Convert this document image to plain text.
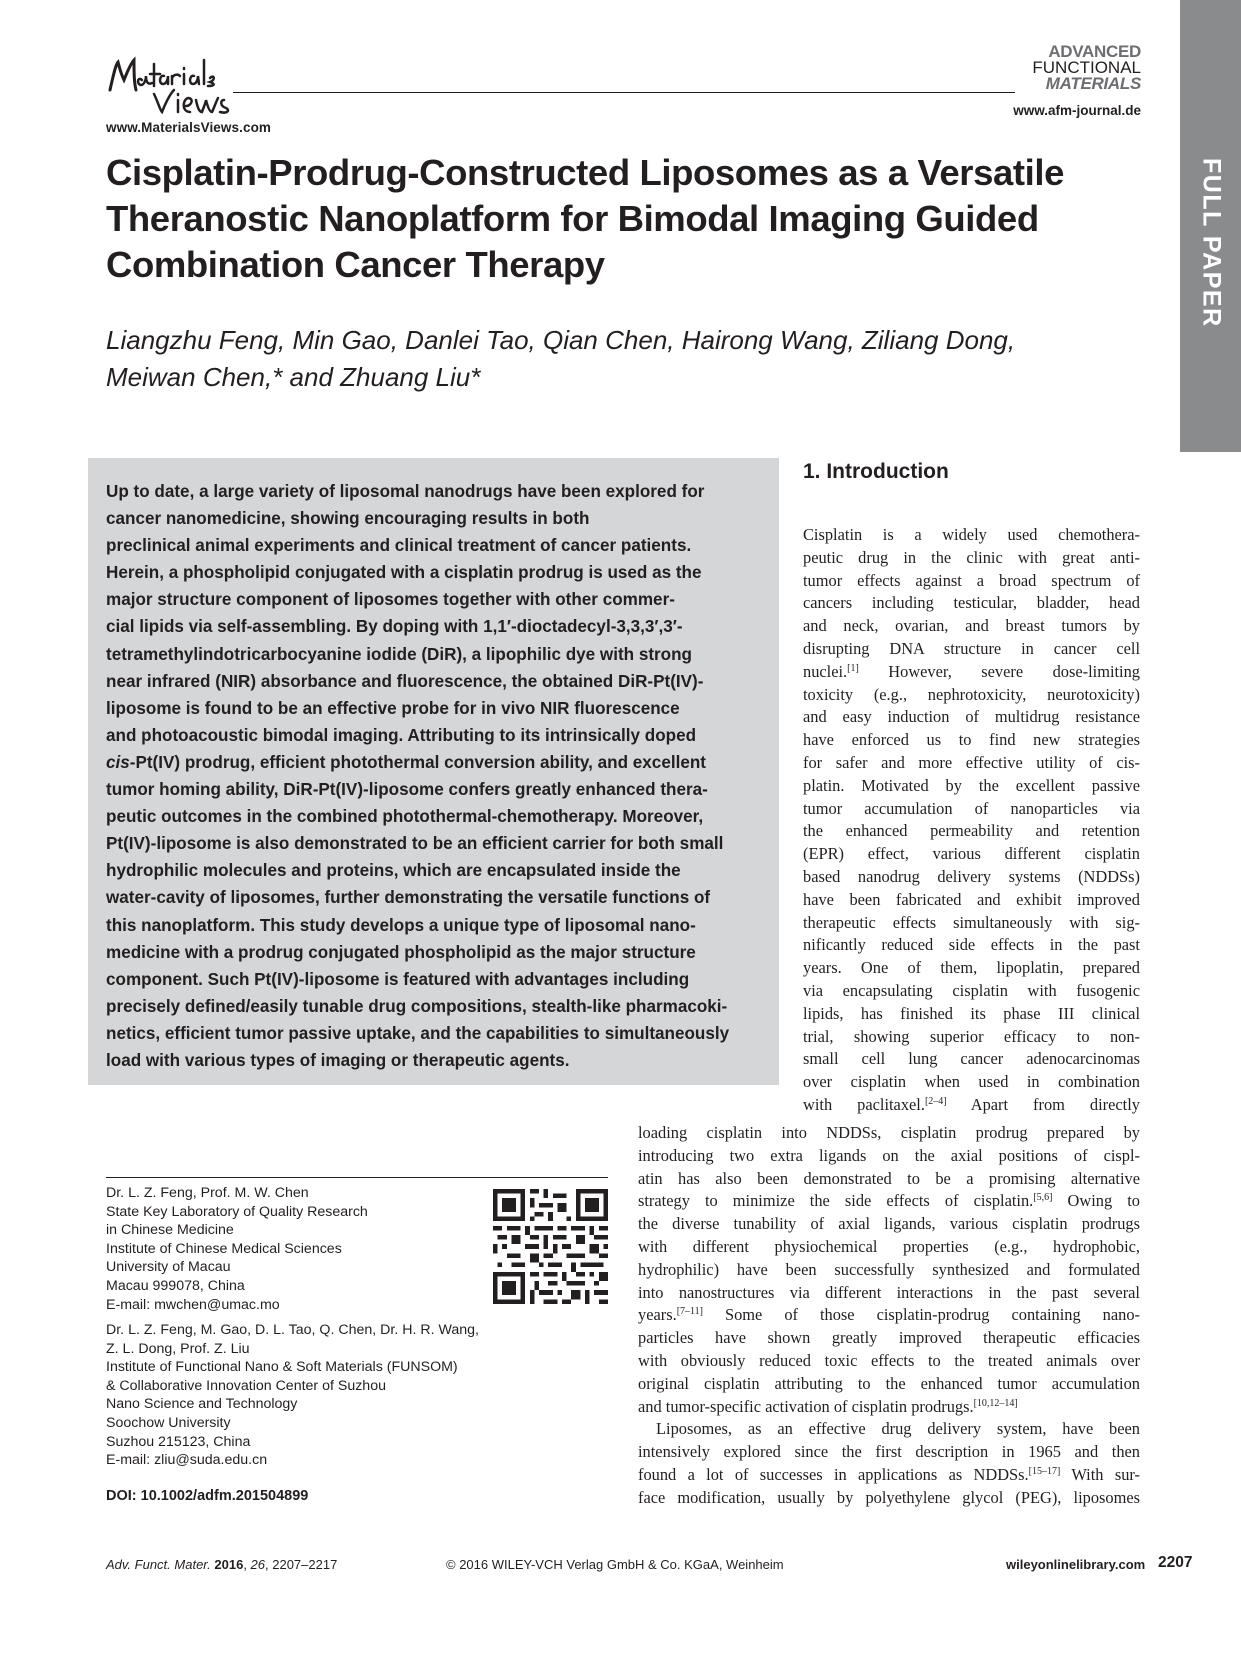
www.MaterialsViews.com
ADVANCED
FUNCTIONAL
MATERIALS
www.afm-journal.de
FULL PAPER
Cisplatin-Prodrug-Constructed Liposomes as a Versatile Theranostic Nanoplatform for Bimodal Imaging Guided Combination Cancer Therapy
Liangzhu Feng, Min Gao, Danlei Tao, Qian Chen, Hairong Wang, Ziliang Dong,
Meiwan Chen,* and Zhuang Liu*
Up to date, a large variety of liposomal nanodrugs have been explored for
cancer nanomedicine, showing encouraging results in both
preclinical animal experiments and clinical treatment of cancer patients.
Herein, a phospholipid conjugated with a cisplatin prodrug is used as the
major structure component of liposomes together with other commer-
cial lipids via self-assembling. By doping with 1,1′-dioctadecyl-3,3,3′,3′-
tetramethylindotricarbocyanine iodide (DiR), a lipophilic dye with strong
near infrared (NIR) absorbance and fluorescence, the obtained DiR-Pt(IV)-
liposome is found to be an effective probe for in vivo NIR fluorescence
and photoacoustic bimodal imaging. Attributing to its intrinsically doped
cis-Pt(IV) prodrug, efficient photothermal conversion ability, and excellent
tumor homing ability, DiR-Pt(IV)-liposome confers greatly enhanced thera-
peutic outcomes in the combined photothermal-chemotherapy. Moreover,
Pt(IV)-liposome is also demonstrated to be an efficient carrier for both small
hydrophilic molecules and proteins, which are encapsulated inside the
water-cavity of liposomes, further demonstrating the versatile functions of
this nanoplatform. This study develops a unique type of liposomal nano-
medicine with a prodrug conjugated phospholipid as the major structure
component. Such Pt(IV)-liposome is featured with advantages including
precisely defined/easily tunable drug compositions, stealth-like pharmacoki-
netics, efficient tumor passive uptake, and the capabilities to simultaneously
load with various types of imaging or therapeutic agents.
1. Introduction
Cisplatin is a widely used chemothera-
peutic drug in the clinic with great anti-
tumor effects against a broad spectrum of
cancers including testicular, bladder, head
and neck, ovarian, and breast tumors by
disrupting DNA structure in cancer cell
nuclei.[1] However, severe dose-limiting
toxicity (e.g., nephrotoxicity, neurotoxicity)
and easy induction of multidrug resistance
have enforced us to find new strategies
for safer and more effective utility of cis-
platin. Motivated by the excellent passive
tumor accumulation of nanoparticles via
the enhanced permeability and retention
(EPR) effect, various different cisplatin
based nanodrug delivery systems (NDDSs)
have been fabricated and exhibit improved
therapeutic effects simultaneously with sig-
nificantly reduced side effects in the past
years. One of them, lipoplatin, prepared
via encapsulating cisplatin with fusogenic
lipids, has finished its phase III clinical
trial, showing superior efficacy to non-
small cell lung cancer adenocarcinomas
over cisplatin when used in combination
with paclitaxel.[2–4] Apart from directly
loading cisplatin into NDDSs, cisplatin prodrug prepared by
introducing two extra ligands on the axial positions of cispl-
atin has also been demonstrated to be a promising alternative
strategy to minimize the side effects of cisplatin.[5,6] Owing to
the diverse tunability of axial ligands, various cisplatin prodrugs
with different physiochemical properties (e.g., hydrophobic,
hydrophilic) have been successfully synthesized and formulated
into nanostructures via different interactions in the past several
years.[7–11] Some of those cisplatin-prodrug containing nano-
particles have shown greatly improved therapeutic efficacies
with obviously reduced toxic effects to the treated animals over
original cisplatin attributing to the enhanced tumor accumulation
and tumor-specific activation of cisplatin prodrugs.[10,12–14]
Liposomes, as an effective drug delivery system, have been
intensively explored since the first description in 1965 and then
found a lot of successes in applications as NDDSs.[15–17] With sur-
face modification, usually by polyethylene glycol (PEG), liposomes
Dr. L. Z. Feng, Prof. M. W. Chen
State Key Laboratory of Quality Research
in Chinese Medicine
Institute of Chinese Medical Sciences
University of Macau
Macau 999078, China
E-mail: mwchen@umac.mo
Dr. L. Z. Feng, M. Gao, D. L. Tao, Q. Chen, Dr. H. R. Wang,
Z. L. Dong, Prof. Z. Liu
Institute of Functional Nano & Soft Materials (FUNSOM)
& Collaborative Innovation Center of Suzhou
Nano Science and Technology
Soochow University
Suzhou 215123, China
E-mail: zliu@suda.edu.cn
DOI: 10.1002/adfm.201504899
Adv. Funct. Mater. 2016, 26, 2207–2217	© 2016 WILEY-VCH Verlag GmbH & Co. KGaA, Weinheim	wileyonlinelibrary.com 2207
